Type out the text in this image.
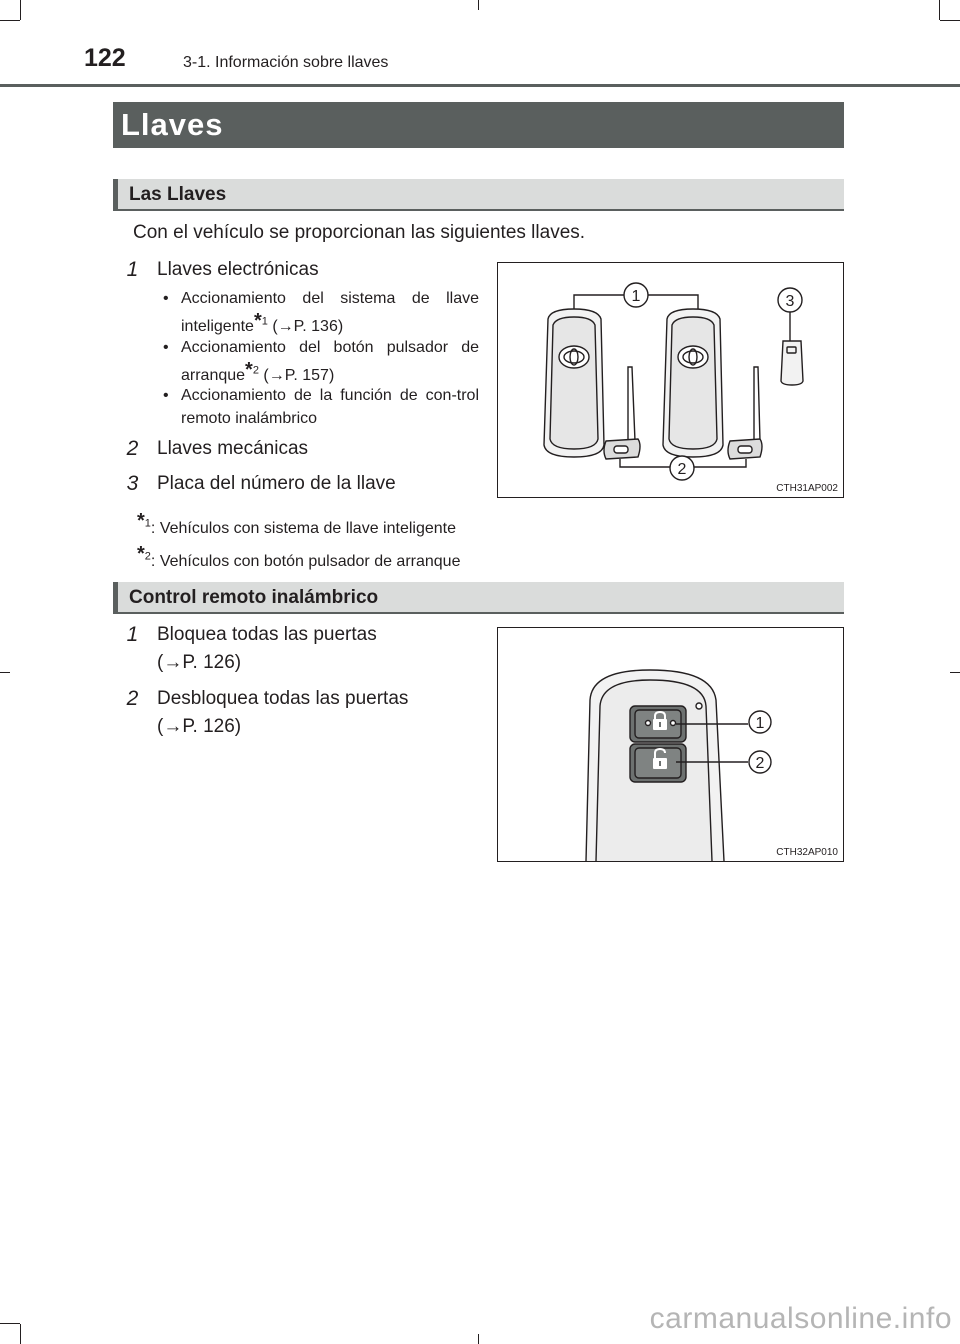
122	3-1. Información sobre llaves
Llaves
Las Llaves
Con el vehículo se proporcionan las siguientes llaves.
1 Llaves electrónicas
• Accionamiento del sistema de llave inteligente*$^1$ (→P. 136)
• Accionamiento del botón pulsador de arranque*$^2$ (→P. 157)
• Accionamiento de la función de con-trol remoto inalámbrico
2 Llaves mecánicas
3 Placa del número de la llave
*$^1$: Vehículos con sistema de llave inteligente
*$^2$: Vehículos con botón pulsador de arranque
1
2
3
CTH31AP002
Control remoto inalámbrico
1 Bloquea todas las puertas
(→P. 126)
2 Desbloquea todas las puertas
(→P. 126)	1
2
CTH32AP010
carmanualsonline.info
